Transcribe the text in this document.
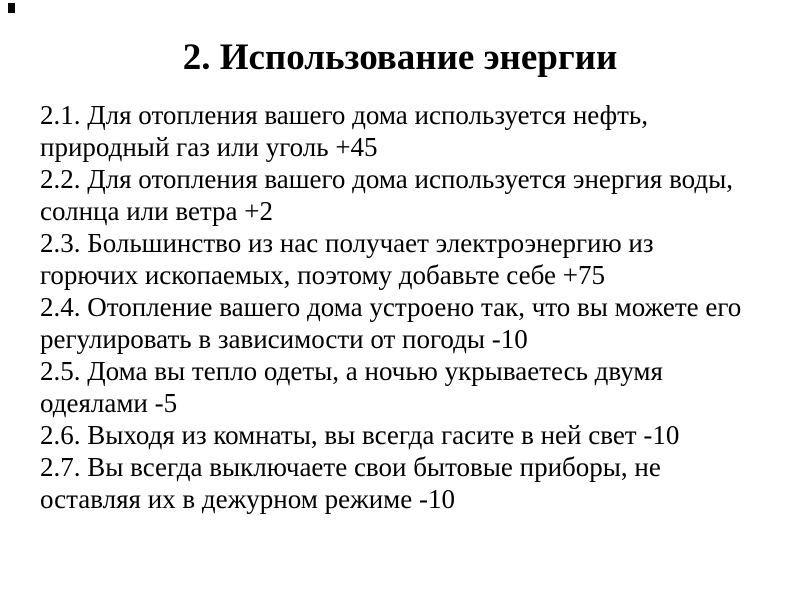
2. Использование энергии
2.1. Для отопления вашего дома используется нефть,
природный газ или уголь +45
2.2. Для отопления вашего дома используется энергия воды,
солнца или ветра +2
2.3. Большинство из нас получает электроэнергию из
горючих ископаемых, поэтому добавьте себе +75
2.4. Отопление вашего дома устроено так, что вы можете его
регулировать в зависимости от погоды -10
2.5. Дома вы тепло одеты, а ночью укрываетесь двумя
одеялами -5
2.6. Выходя из комнаты, вы всегда гасите в ней свет -10
2.7. Вы всегда выключаете свои бытовые приборы, не
оставляя их в дежурном режиме -10
